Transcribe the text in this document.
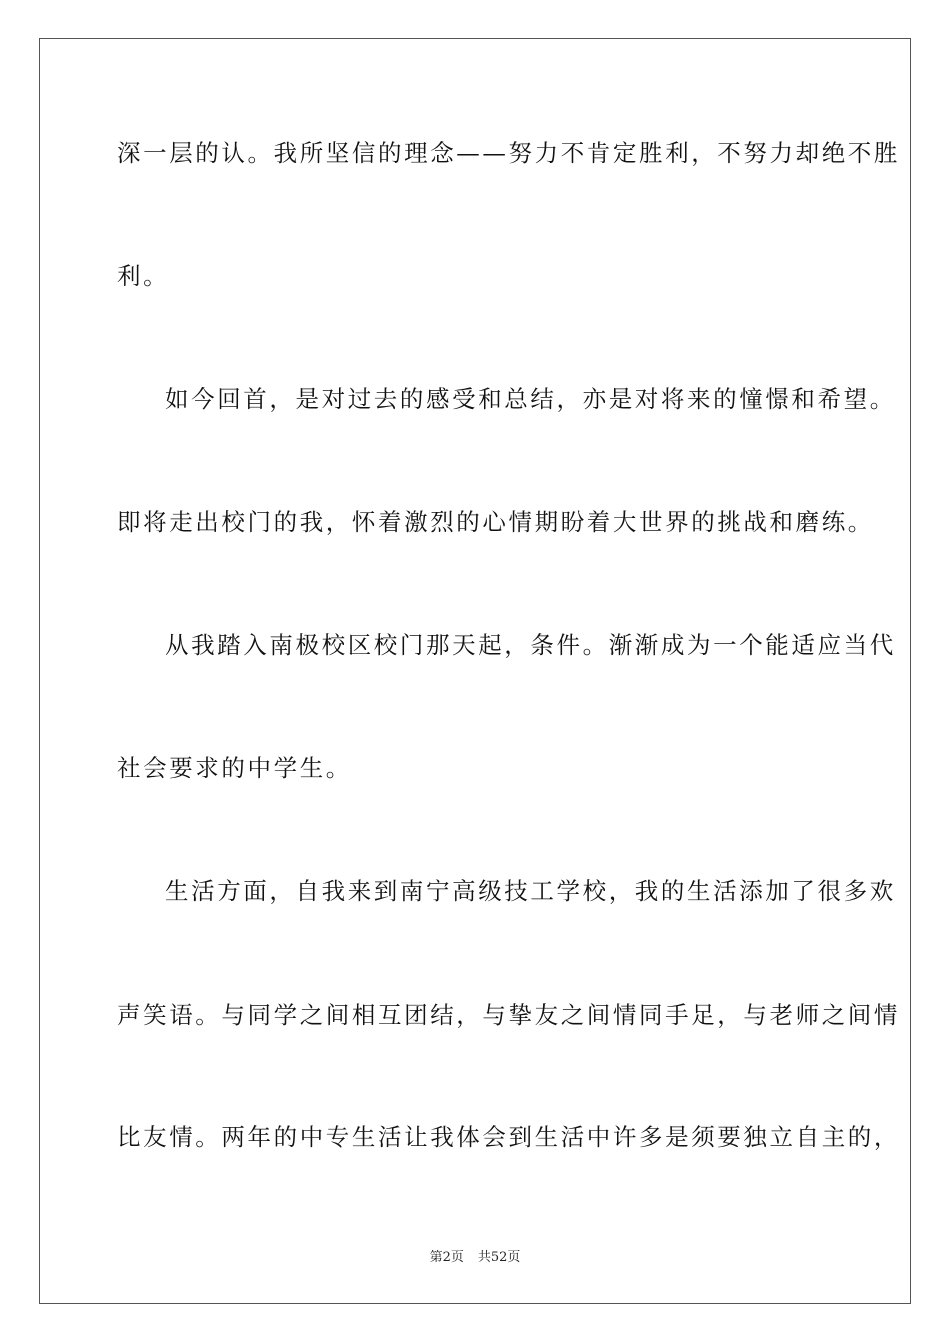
深一层的认。我所坚信的理念——努力不肯定胜利，不努力却绝不胜
利。
如今回首，是对过去的感受和总结，亦是对将来的憧憬和希望。
即将走出校门的我，怀着激烈的心情期盼着大世界的挑战和磨练。
从我踏入南极校区校门那天起，条件。渐渐成为一个能适应当代
社会要求的中学生。
生活方面，自我来到南宁高级技工学校，我的生活添加了很多欢
声笑语。与同学之间相互团结，与挚友之间情同手足，与老师之间情
比友情。两年的中专生活让我体会到生活中许多是须要独立自主的，
第2页 共52页
